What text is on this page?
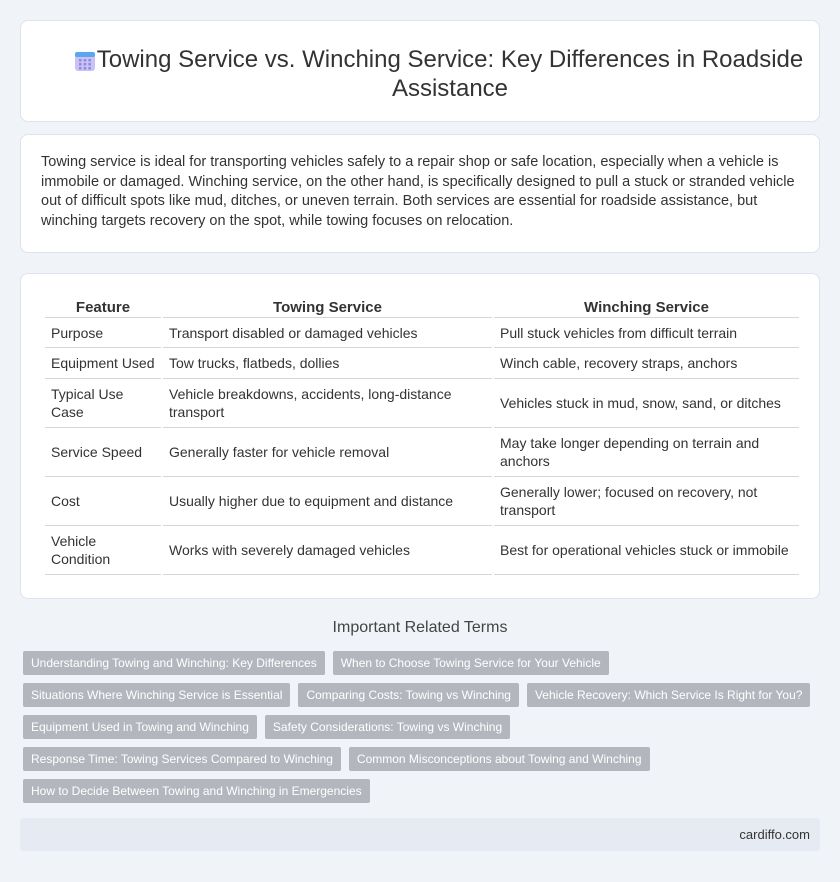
Towing Service vs. Winching Service: Key Differences in Roadside Assistance

Towing service is ideal for transporting vehicles safely to a repair shop or safe location, especially when a vehicle is immobile or damaged. Winching service, on the other hand, is specifically designed to pull a stuck or stranded vehicle out of difficult spots like mud, ditches, or uneven terrain. Both services are essential for roadside assistance, but winching targets recovery on the spot, while towing focuses on relocation.

Feature	Towing Service	Winching Service
Purpose	Transport disabled or damaged vehicles	Pull stuck vehicles from difficult terrain
Equipment Used	Tow trucks, flatbeds, dollies	Winch cable, recovery straps, anchors
Typical Use Case	Vehicle breakdowns, accidents, long-distance transport	Vehicles stuck in mud, snow, sand, or ditches
Service Speed	Generally faster for vehicle removal	May take longer depending on terrain and anchors
Cost	Usually higher due to equipment and distance	Generally lower; focused on recovery, not transport
Vehicle Condition	Works with severely damaged vehicles	Best for operational vehicles stuck or immobile
Important Related Terms
Understanding Towing and Winching: Key Differences	When to Choose Towing Service for Your Vehicle
Situations Where Winching Service is Essential	Comparing Costs: Towing vs Winching	Vehicle Recovery: Which Service Is Right for You?
Equipment Used in Towing and Winching	Safety Considerations: Towing vs Winching
Response Time: Towing Services Compared to Winching	Common Misconceptions about Towing and Winching
How to Decide Between Towing and Winching in Emergencies
cardiffo.com
